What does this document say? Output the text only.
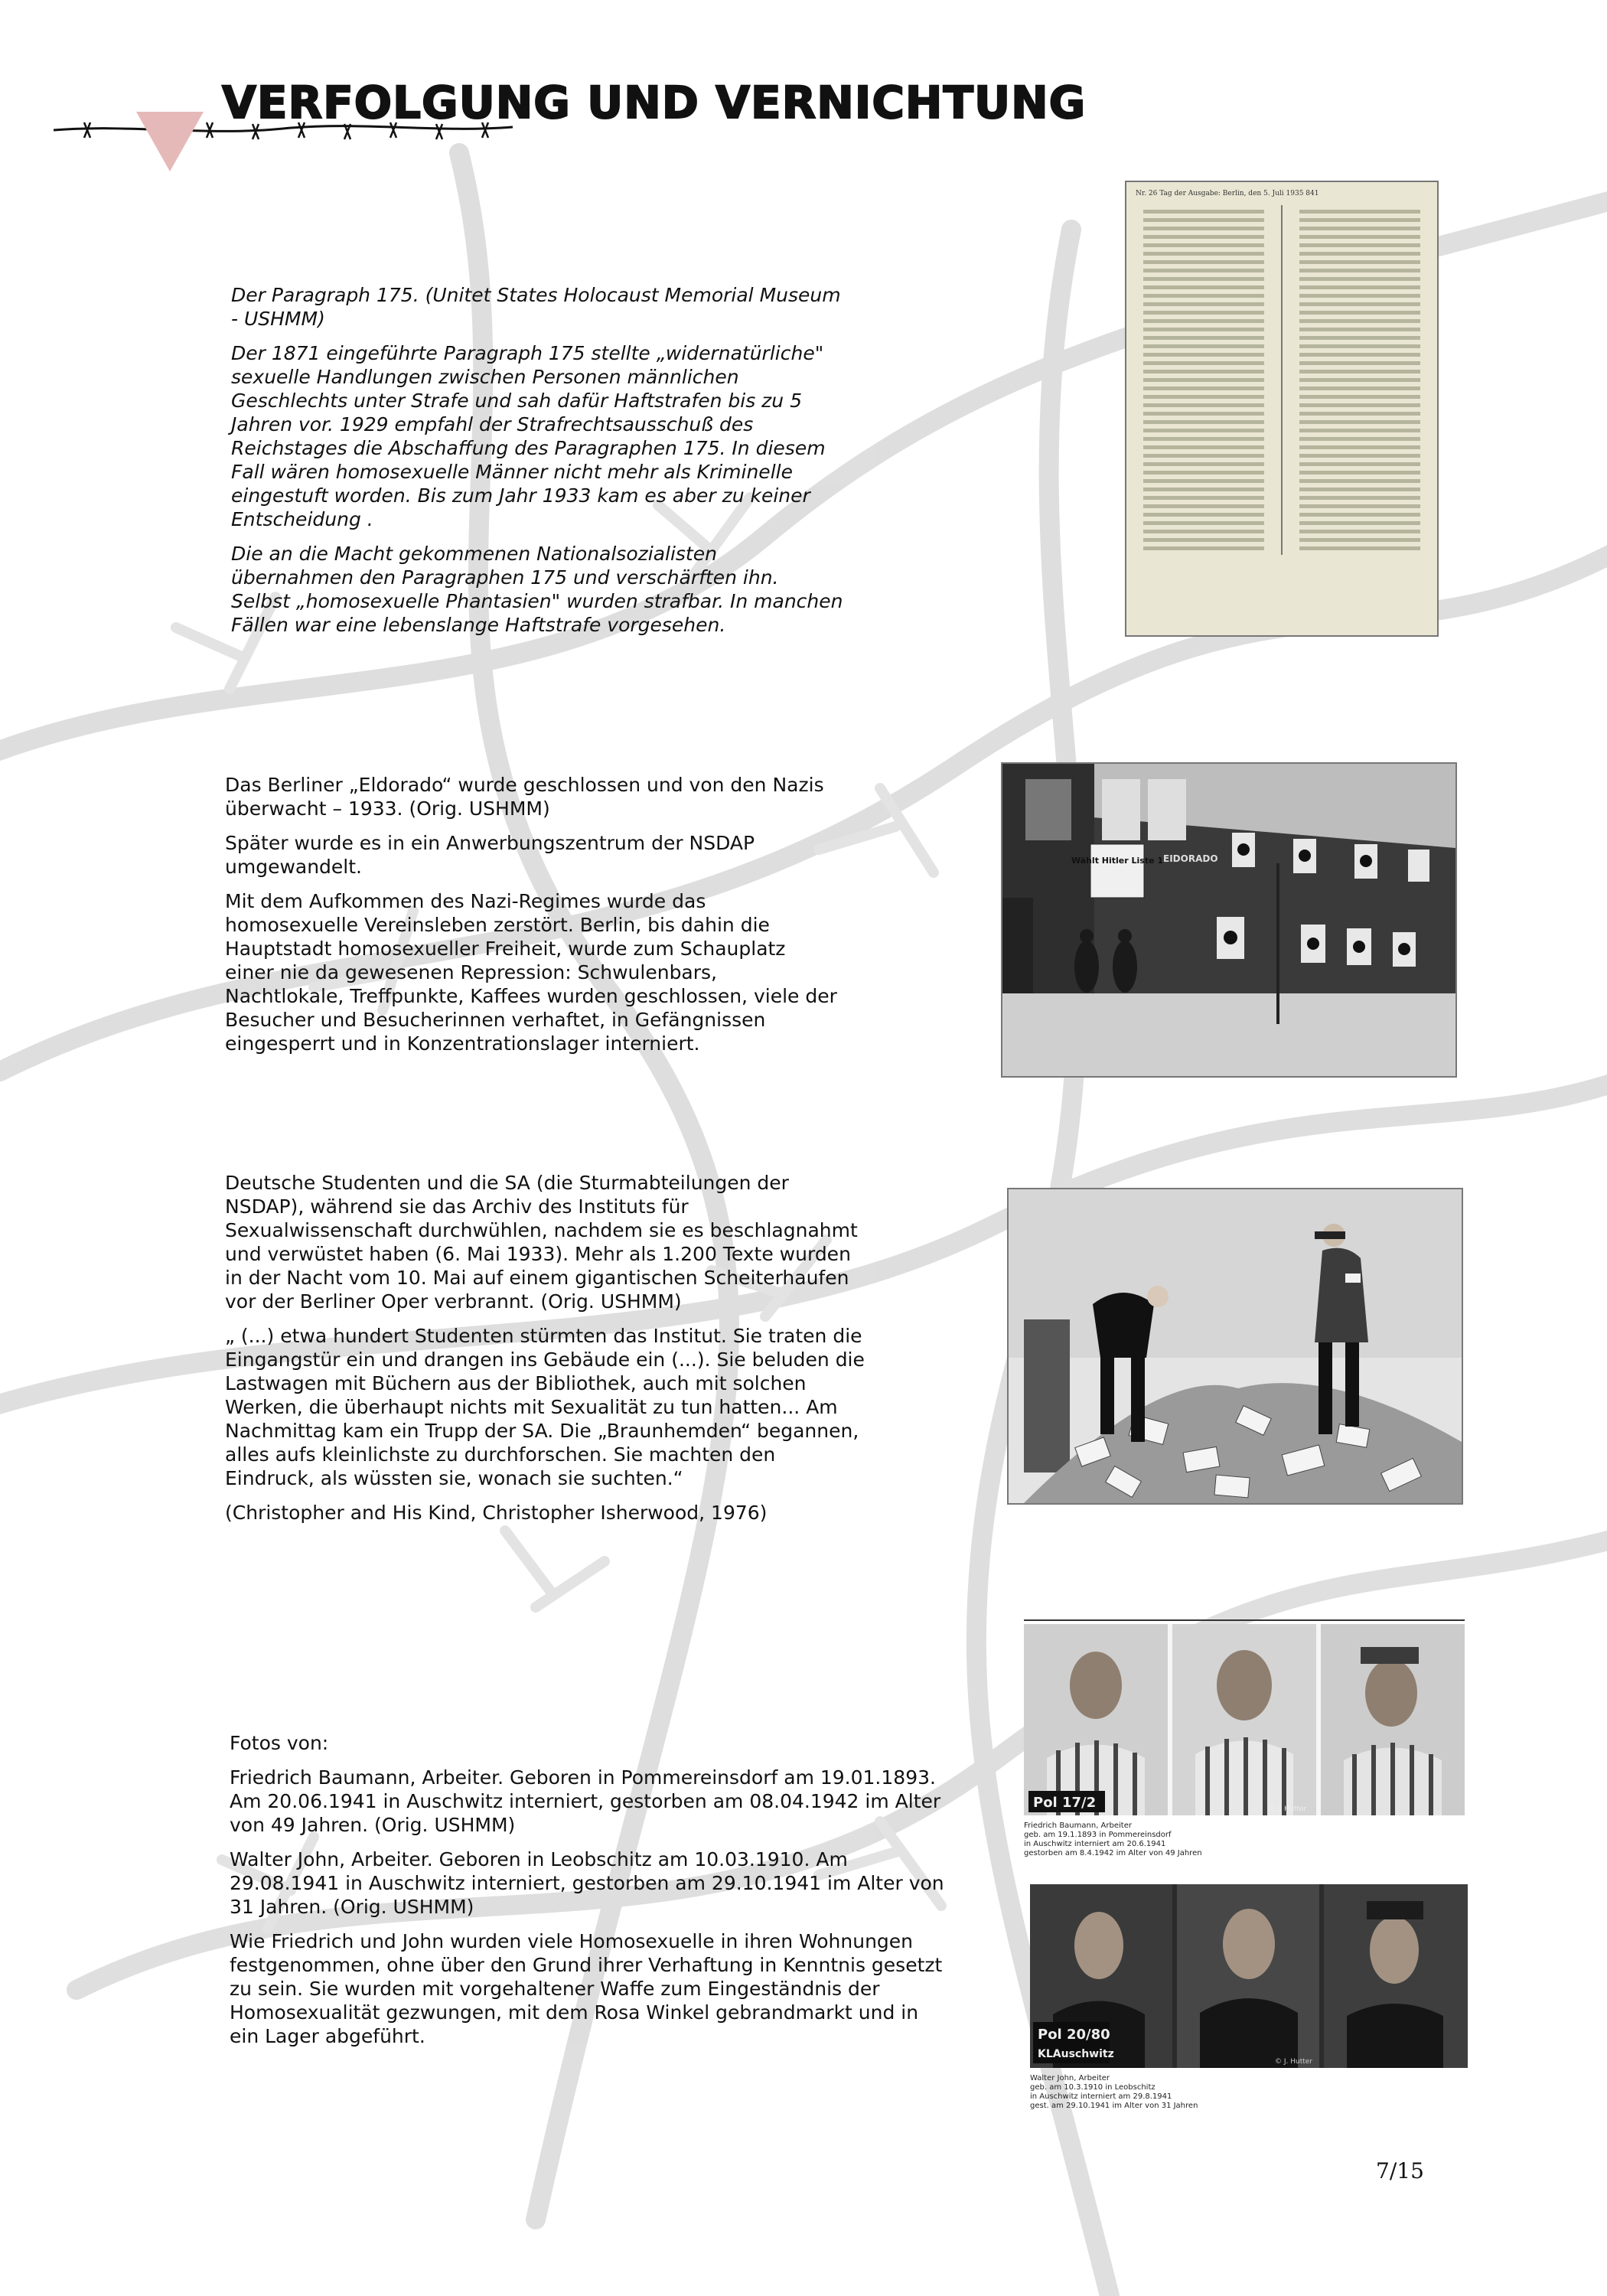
VERFOLGUNG UND VERNICHTUNG

Der Paragraph 175. (Unitet States Holocaust Memorial Museum - USHMM)

Der 1871 eingeführte Paragraph 175 stellte „widernatürliche" sexuelle Handlungen zwischen Personen männlichen Geschlechts unter Strafe und sah dafür Haftstrafen bis zu 5 Jahren vor. 1929 empfahl der Strafrechtsausschuß des Reichstages die Abschaffung des Paragraphen 175. In diesem Fall wären homosexuelle Männer nicht mehr als Kriminelle eingestuft worden. Bis zum Jahr 1933 kam es aber zu keiner Entscheidung .

Die an die Macht gekommenen Nationalsozialisten übernahmen den Paragraphen 175 und verschärften ihn. Selbst „homosexuelle Phantasien" wurden strafbar. In manchen Fällen war eine lebenslange Haftstrafe vorgesehen.

Nr. 26 Tag der Ausgabe: Berlin, den 5. Juli 1935 841

Das Berliner „Eldorado“ wurde geschlossen und von den Nazis überwacht – 1933. (Orig. USHMM)

Später wurde es in ein Anwerbungszentrum der NSDAP umgewandelt.

Mit dem Aufkommen des Nazi-Regimes wurde das homosexuelle Vereinsleben zerstört. Berlin, bis dahin die Hauptstadt homosexueller Freiheit, wurde zum Schauplatz einer nie da gewesenen Repression: Schwulenbars, Nachtlokale, Treffpunkte, Kaffees wurden geschlossen, viele der Besucher und Besucherinnen verhaftet, in Gefängnissen eingesperrt und in Konzentrationslager interniert.

Wählt Hitler Liste 1 EIDORADO

Deutsche Studenten und die SA (die Sturmabteilungen der NSDAP), während sie das Archiv des Instituts für Sexualwissenschaft durchwühlen, nachdem sie es beschlagnahmt und verwüstet haben (6. Mai 1933). Mehr als 1.200 Texte wurden in der Nacht vom 10. Mai auf einem gigantischen Scheiterhaufen vor der Berliner Oper verbrannt. (Orig. USHMM)

„ (...) etwa hundert Studenten stürmten das Institut. Sie traten die Eingangstür ein und drangen ins Gebäude ein (...). Sie beluden die Lastwagen mit Büchern aus der Bibliothek, auch mit solchen Werken, die überhaupt nichts mit Sexualität zu tun hatten... Am Nachmittag kam ein Trupp der SA. Die „Braunhemden“ begannen, alles aufs kleinlichste zu durchforschen. Sie machten den Eindruck, als wüssten sie, wonach sie suchten.“

(Christopher and His Kind, Christopher Isherwood, 1976)

Fotos von:

Friedrich Baumann, Arbeiter. Geboren in Pommereinsdorf am 19.01.1893. Am 20.06.1941 in Auschwitz interniert, gestorben am 08.04.1942 im Alter von 49 Jahren. (Orig. USHMM)

Walter John, Arbeiter. Geboren in Leobschitz am 10.03.1910. Am 29.08.1941 in Auschwitz interniert, gestorben am 29.10.1941 im Alter von 31 Jahren. (Orig. USHMM)

Wie Friedrich und John wurden viele Homosexuelle in ihren Wohnungen festgenommen, ohne über den Grund ihrer Verhaftung in Kenntnis gesetzt zu sein. Sie wurden mit vorgehaltener Waffe zum Eingeständnis der Homosexualität gezwungen, mit dem Rosa Winkel gebrandmarkt und in ein Lager abgeführt.

Pol 17/2	© J. Hutter
Friedrich Baumann, Arbeiter
geb. am 19.1.1893 in Pommereinsdorf
in Auschwitz interniert am 20.6.1941
gestorben am 8.4.1942 im Alter von 49 Jahren
Pol 20/80
KLAuschwitz
© J. Hutter
Walter John, Arbeiter
geb. am 10.3.1910 in Leobschitz
in Auschwitz interniert am 29.8.1941
gest. am 29.10.1941 im Alter von 31 Jahren
7/15
